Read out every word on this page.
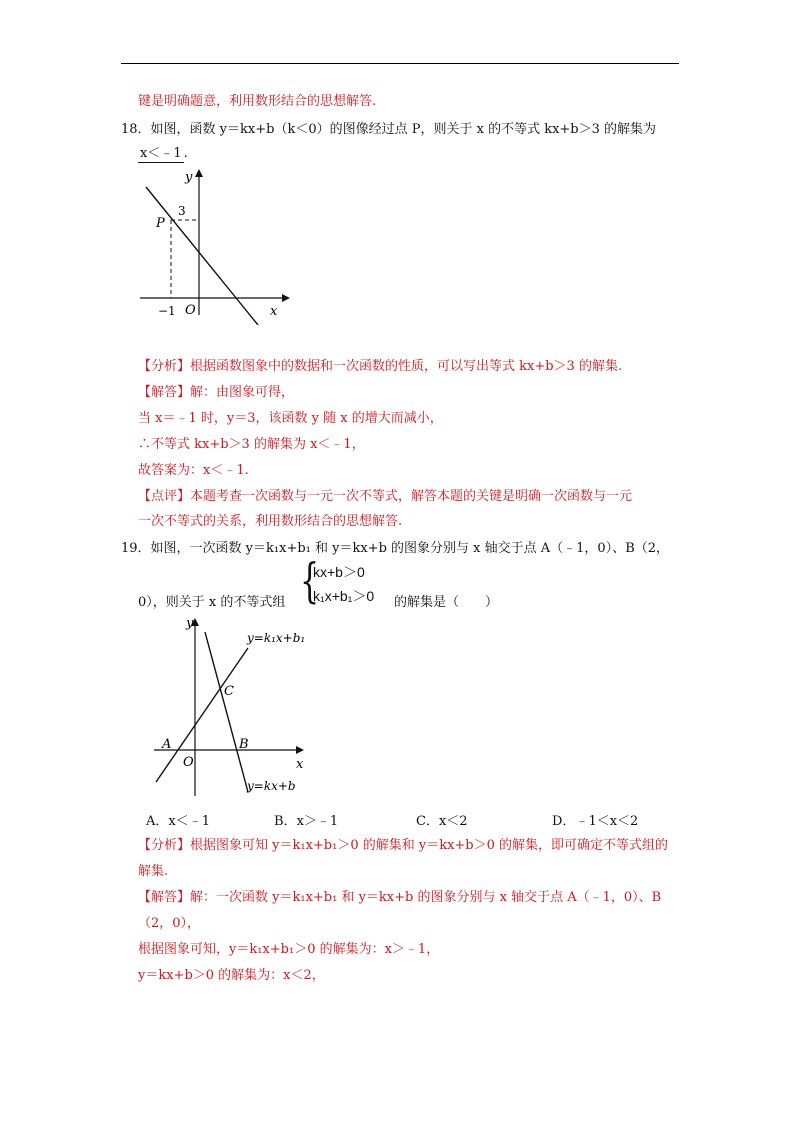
键是明确题意，利用数形结合的思想解答.
18．如图，函数 y＝kx+b（k＜0）的图像经过点 P，则关于 x 的不等式 kx+b＞3 的解集为
x＜﹣1 .
y
x
O
P
3
−1
【分析】根据函数图象中的数据和一次函数的性质，可以写出等式 kx+b＞3 的解集.
【解答】解：由图象可得，
当 x＝﹣1 时，y＝3，该函数 y 随 x 的增大而减小，
∴不等式 kx+b＞3 的解集为 x＜﹣1，
故答案为：x＜﹣1.
【点评】本题考查一次函数与一元一次不等式，解答本题的关键是明确一次函数与一元
一次不等式的关系，利用数形结合的思想解答.
19．如图，一次函数 y＝k₁x+b₁ 和 y＝kx+b 的图象分别与 x 轴交于点 A（﹣1，0）、B（2，
0），则关于 x 的不等式组 {
kx+b＞0
k₁x+b₁＞0 的解集是（　　）
y
x
O
A	B
C
y=k₁x+b₁
y=kx+b
A．x＜﹣1	B．x＞﹣1	C．x＜2	D．﹣1＜x＜2
【分析】根据图象可知 y＝k₁x+b₁＞0 的解集和 y＝kx+b＞0 的解集，即可确定不等式组的
解集.
【解答】解：一次函数 y＝k₁x+b₁ 和 y＝kx+b 的图象分别与 x 轴交于点 A（﹣1，0）、B
（2，0），
根据图象可知，y＝k₁x+b₁＞0 的解集为：x＞﹣1，
y＝kx+b＞0 的解集为：x＜2，
